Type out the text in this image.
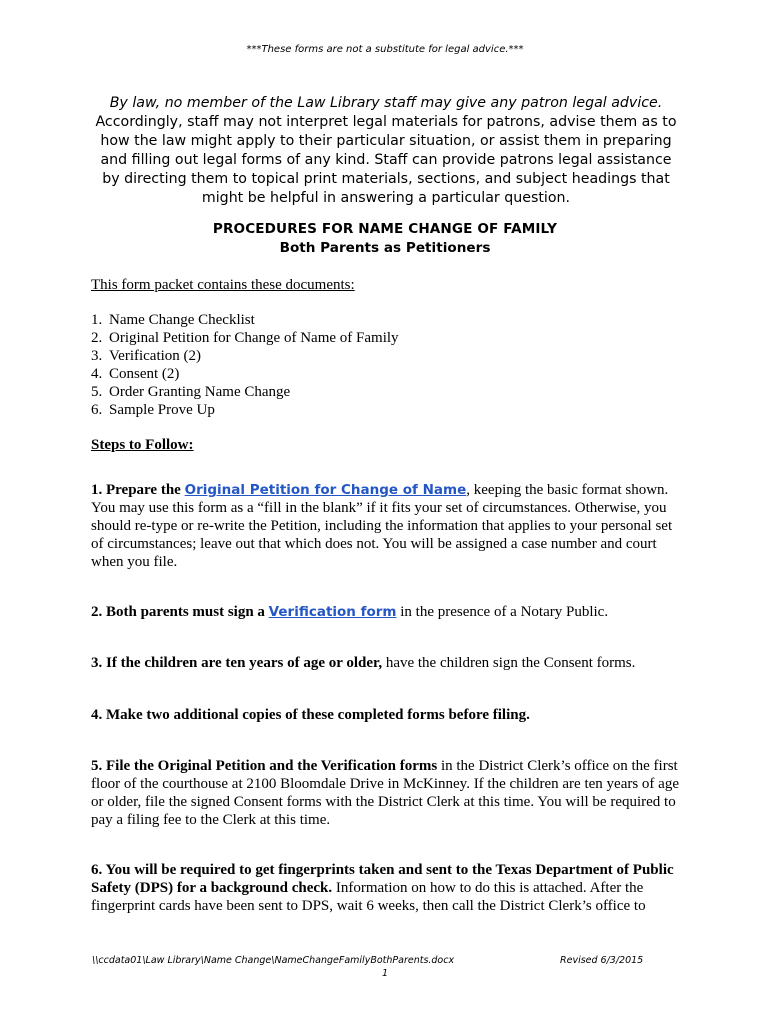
***These forms are not a substitute for legal advice.***
By law, no member of the Law Library staff may give any patron legal advice. Accordingly, staff may not interpret legal materials for patrons, advise them as to how the law might apply to their particular situation, or assist them in preparing and filling out legal forms of any kind. Staff can provide patrons legal assistance by directing them to topical print materials, sections, and subject headings that might be helpful in answering a particular question.
PROCEDURES FOR NAME CHANGE OF FAMILY
Both Parents as Petitioners
This form packet contains these documents:
1. Name Change Checklist
2. Original Petition for Change of Name of Family
3. Verification (2)
4. Consent (2)
5. Order Granting Name Change
6. Sample Prove Up
Steps to Follow:

1. Prepare the Original Petition for Change of Name, keeping the basic format shown. You may use this form as a “fill in the blank” if it fits your set of circumstances. Otherwise, you should re-type or re-write the Petition, including the information that applies to your personal set of circumstances; leave out that which does not. You will be assigned a case number and court when you file.

2. Both parents must sign a Verification form in the presence of a Notary Public.

3. If the children are ten years of age or older, have the children sign the Consent forms.

4. Make two additional copies of these completed forms before filing.

5. File the Original Petition and the Verification forms in the District Clerk’s office on the first floor of the courthouse at 2100 Bloomdale Drive in McKinney. If the children are ten years of age or older, file the signed Consent forms with the District Clerk at this time. You will be required to pay a filing fee to the Clerk at this time.

6. You will be required to get fingerprints taken and sent to the Texas Department of Public Safety (DPS) for a background check. Information on how to do this is attached. After the fingerprint cards have been sent to DPS, wait 6 weeks, then call the District Clerk’s office to

\\ccdata01\Law Library\Name Change\NameChangeFamilyBothParents.docx	Revised 6/3/2015
1
